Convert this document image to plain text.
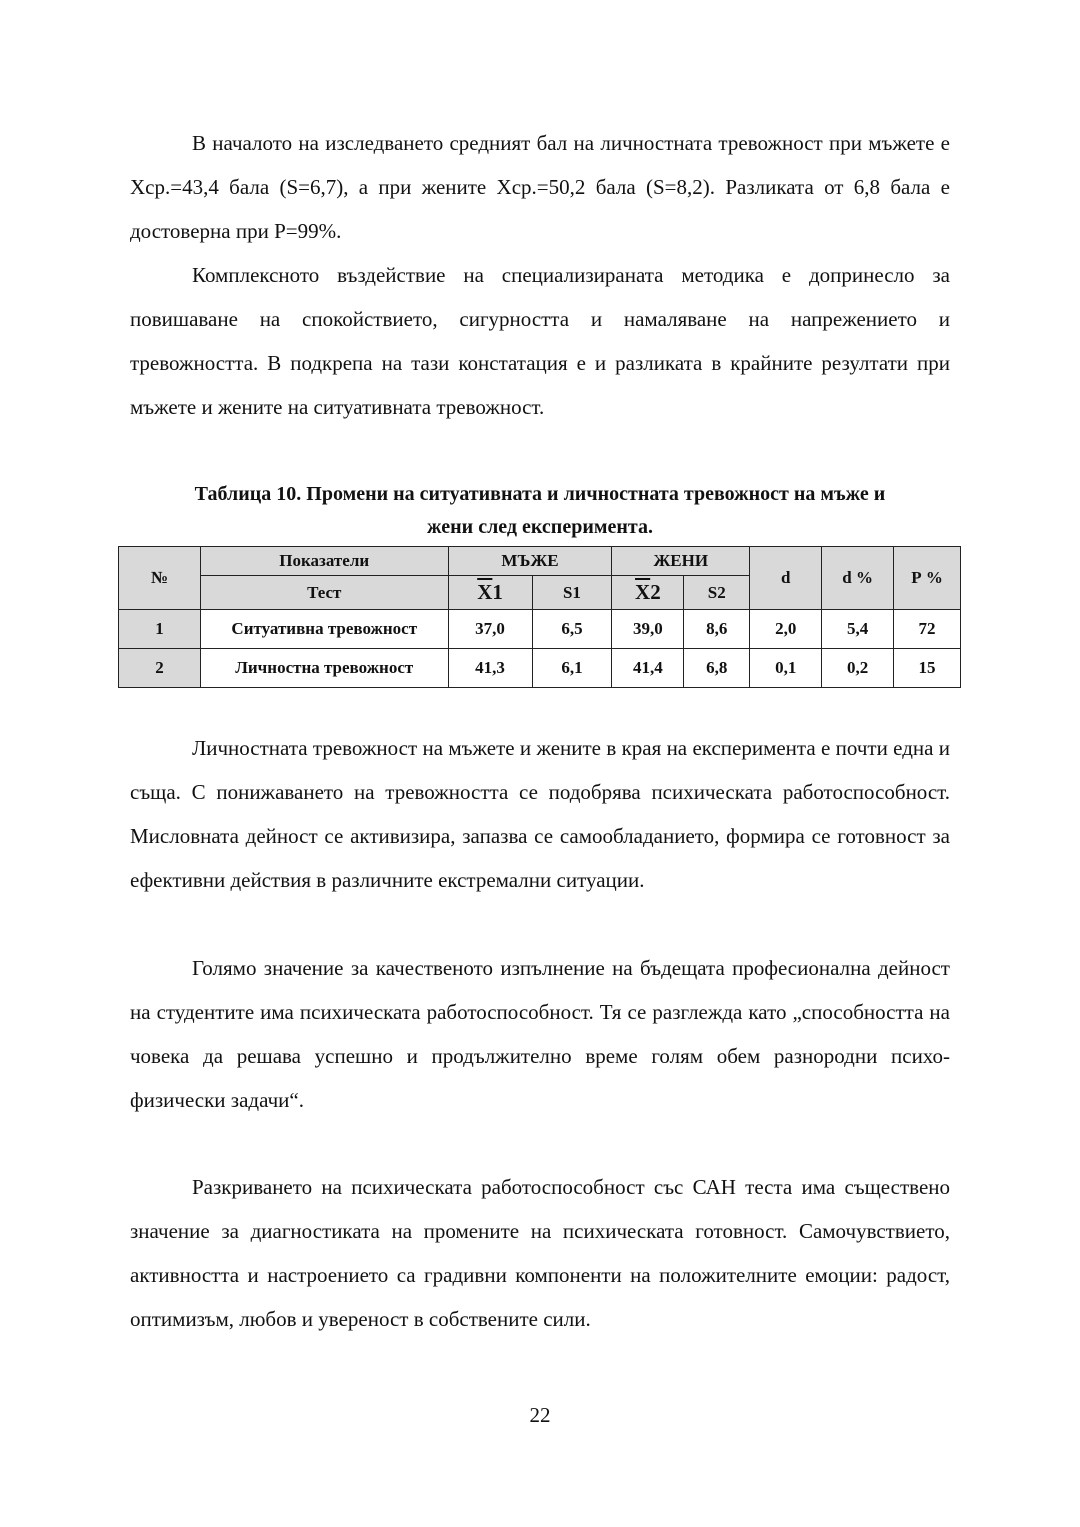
В началото на изследването средният бал на личностната тревожност при мъжете е Хср.=43,4 бала (S=6,7), а при жените Хср.=50,2 бала (S=8,2). Разликата от 6,8 бала е достоверна при Р=99%.

Комплексното въздействие на специализираната методика е допринесло за повишаване на спокойствието, сигурността и намаляване на напрежението и тревожността. В подкрепа на тази констатация е и разликата в крайните резултати при мъжете и жените на ситуативната тревожност.

Таблица 10. Промени на ситуативната и личностната тревожност на мъже и
жени след експеримента.

№	Показатели	МЪЖЕ		ЖЕНИ		d	d %	Р %
	Тест	$\overline{X}1$	S1	$\overline{X}2$	S2			
1	Ситуативна тревожност	37,0	6,5	39,0	8,6	2,0	5,4	72
2	Личностна тревожност	41,3	6,1	41,4	6,8	0,1	0,2	15

Личностната тревожност на мъжете и жените в края на експеримента е почти една и съща. С понижаването на тревожността се подобрява психическата работоспособност. Мисловната дейност се активизира, запазва се самообладанието, формира се готовност за ефективни действия в различните екстремални ситуации.

Голямо значение за качественото изпълнение на бъдещата професионална дейност на студентите има психическата работоспособност. Тя се разглежда като „способността на човека да решава успешно и продължително време голям обем разнородни психо-физически задачи“.

Разкриването на психическата работоспособност със САН теста има съществено значение за диагностиката на промените на психическата готовност. Самочувствието, активността и настроението са градивни компоненти на положителните емоции: радост, оптимизъм, любов и увереност в собствените сили.

22
